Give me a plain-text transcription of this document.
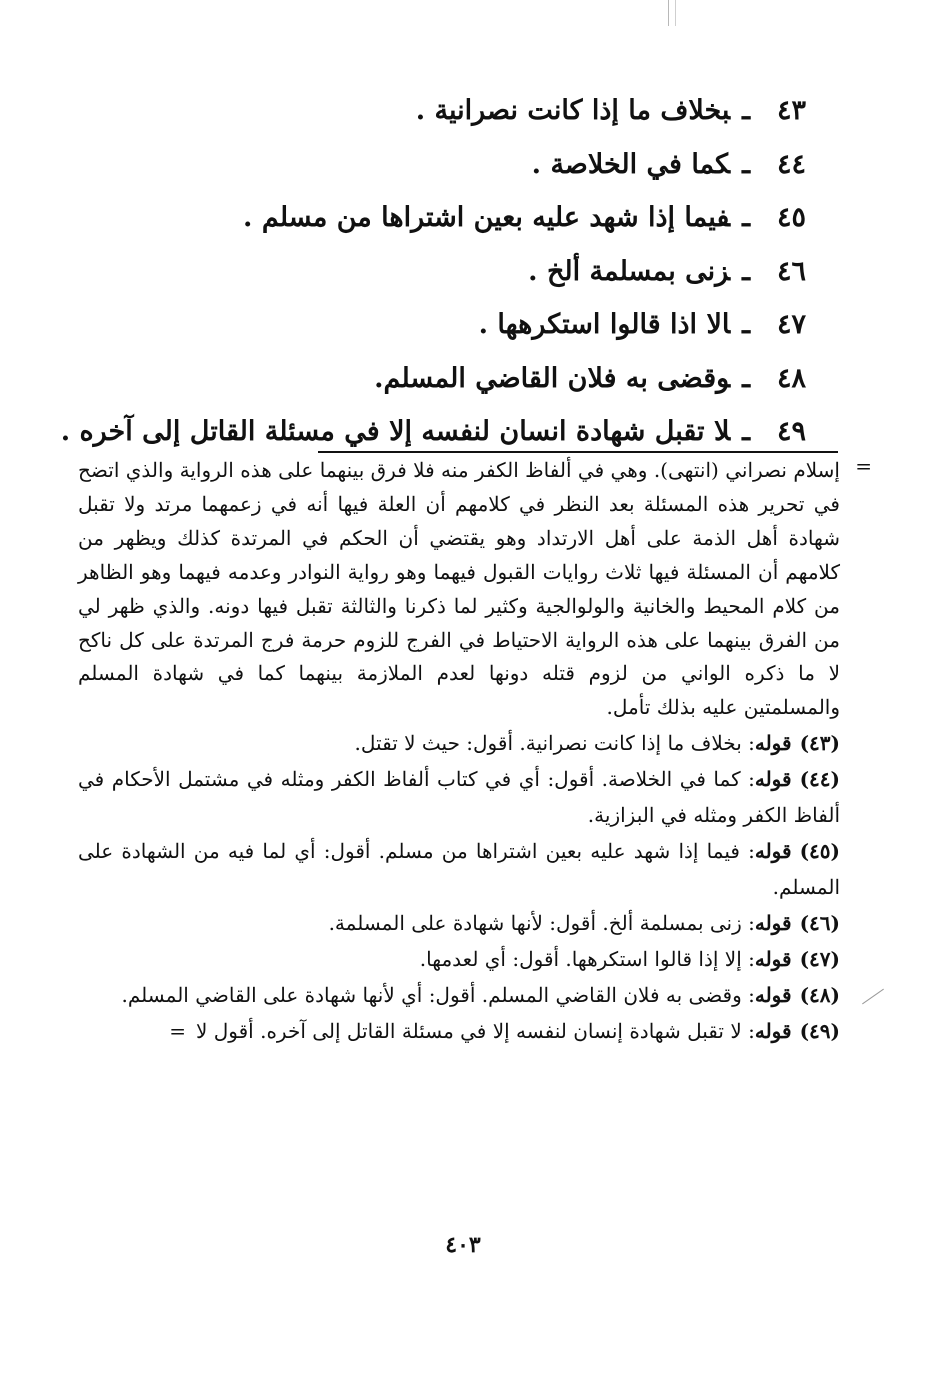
٤٣ـبخلاف ما إذا كانت نصرانية .
٤٤ـكما في الخلاصة .
٤٥ـفيما إذا شهد عليه بعين اشتراها من مسلم .
٤٦ـزنى بمسلمة ألخ .
٤٧ـالا اذا قالوا استكرهها .
٤٨ـوقضى به فلان القاضي المسلم.
٤٩ـلا تقبل شهادة انسان لنفسه إلا في مسئلة القاتل إلى آخره .
=

إسلام نصراني (انتهى). وهي في ألفاظ الكفر منه فلا فرق بينهما على هذه الرواية والذي اتضح في تحرير هذه المسئلة بعد النظر في كلامهم أن العلة فيها أنه في زعمهما مرتد ولا تقبل شهادة أهل الذمة على أهل الارتداد وهو يقتضي أن الحكم في المرتدة كذلك ويظهر من كلامهم أن المسئلة فيها ثلاث روايات القبول فيهما وهو رواية النوادر وعدمه فيهما وهو الظاهر من كلام المحيط والخانية والولوالجية وكثير لما ذكرنا والثالثة تقبل فيها دونه. والذي ظهر لي من الفرق بينهما على هذه الرواية الاحتياط في الفرج للزوم حرمة فرج المرتدة على كل ناكح لا ما ذكره الواني من لزوم قتله دونها لعدم الملازمة بينهما كما في شهادة المسلم والمسلمتين عليه بذلك تأمل.

(٤٣)قوله: بخلاف ما إذا كانت نصرانية. أقول: حيث لا تقتل.

(٤٤)قوله: كما في الخلاصة. أقول: أي في كتاب ألفاظ الكفر ومثله في مشتمل الأحكام في ألفاظ الكفر ومثله في البزازية.

(٤٥)قوله: فيما إذا شهد عليه بعين اشتراها من مسلم. أقول: أي لما فيه من الشهادة على المسلم.

(٤٦)قوله: زنى بمسلمة ألخ. أقول: لأنها شهادة على المسلمة.

(٤٧)قوله: إلا إذا قالوا استكرهها. أقول: أي لعدمها.

(٤٨)قوله: وقضى به فلان القاضي المسلم. أقول: أي لأنها شهادة على القاضي المسلم.

(٤٩)قوله: لا تقبل شهادة إنسان لنفسه إلا في مسئلة القاتل إلى آخره. أقول لا=

٤٠٣
